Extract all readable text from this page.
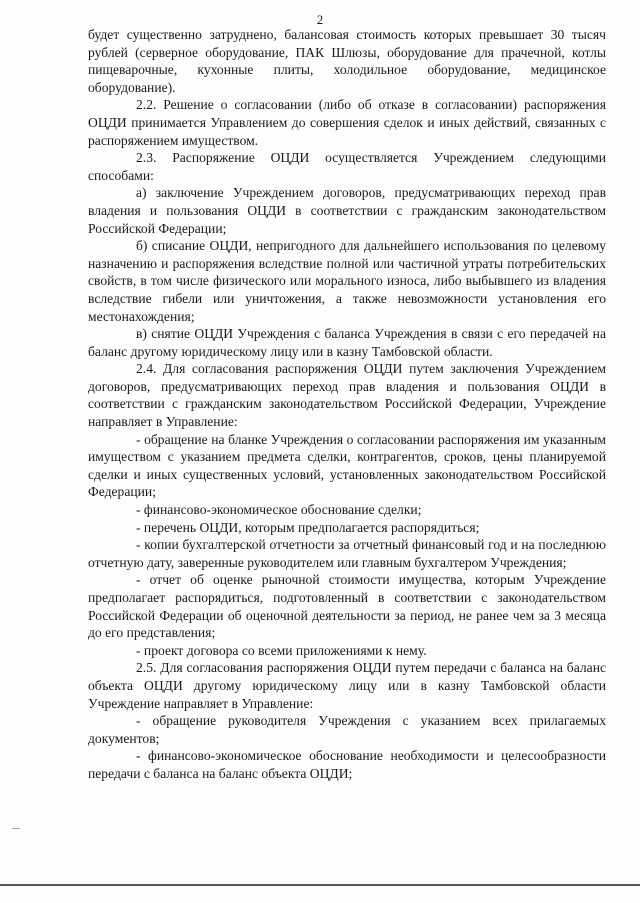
2

будет существенно затруднено, балансовая стоимость которых превышает 30 тысяч рублей (серверное оборудование, ПАК Шлюзы, оборудование для прачечной, котлы пищеварочные, кухонные плиты, холодильное оборудование, медицинское оборудование).

2.2. Решение о согласовании (либо об отказе в согласовании) распоряжения ОЦДИ принимается Управлением до совершения сделок и иных действий, связанных с распоряжением имуществом.

2.3. Распоряжение ОЦДИ осуществляется Учреждением следующими способами:

а) заключение Учреждением договоров, предусматривающих переход прав владения и пользования ОЦДИ в соответствии с гражданским законодательством Российской Федерации;

б) списание ОЦДИ, непригодного для дальнейшего использования по целевому назначению и распоряжения вследствие полной или частичной утраты потребительских свойств, в том числе физического или морального износа, либо выбывшего из владения вследствие гибели или уничтожения, а также невозможности установления его местонахождения;

в) снятие ОЦДИ Учреждения с баланса Учреждения в связи с его передачей на баланс другому юридическому лицу или в казну Тамбовской области.

2.4. Для согласования распоряжения ОЦДИ путем заключения Учреждением договоров, предусматривающих переход прав владения и пользования ОЦДИ в соответствии с гражданским законодательством Российской Федерации, Учреждение направляет в Управление:

- обращение на бланке Учреждения о согласовании распоряжения им указанным имуществом с указанием предмета сделки, контрагентов, сроков, цены планируемой сделки и иных существенных условий, установленных законодательством Российской Федерации;

- финансово-экономическое обоснование сделки;

- перечень ОЦДИ, которым предполагается распорядиться;

- копии бухгалтерской отчетности за отчетный финансовый год и на последнюю отчетную дату, заверенные руководителем или главным бухгалтером Учреждения;

- отчет об оценке рыночной стоимости имущества, которым Учреждение предполагает распорядиться, подготовленный в соответствии с законодательством Российской Федерации об оценочной деятельности за период, не ранее чем за 3 месяца до его представления;

- проект договора со всеми приложениями к нему.

2.5. Для согласования распоряжения ОЦДИ путем передачи с баланса на баланс объекта ОЦДИ другому юридическому лицу или в казну Тамбовской области Учреждение направляет в Управление:

- обращение руководителя Учреждения с указанием всех прилагаемых документов;

- финансово-экономическое обоснование необходимости и целесообразности передачи с баланса на баланс объекта ОЦДИ;
